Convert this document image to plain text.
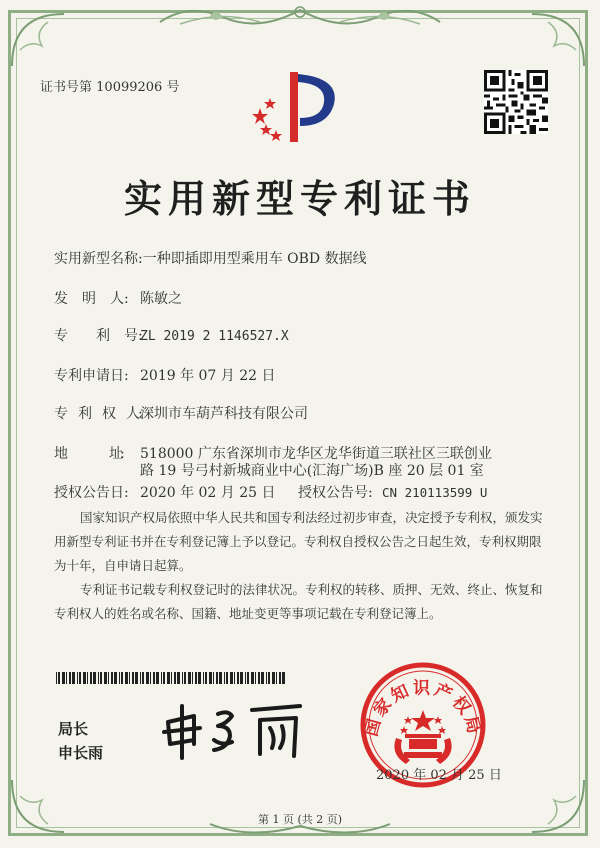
证书号第 10099206 号
实用新型专利证书
实用新型名称:一种即插即用型乘用车 OBD 数据线
发　明　人: 陈敏之
专　　利　号:ZL 2019 2 1146527.X
专利申请日: 2019 年 07 月 22 日
专　利　权　人:深圳市车葫芦科技有限公司
地　　　　址: 518000 广东省深圳市龙华区龙华街道三联社区三联创业
路 19 号弓村新城商业中心(汇海广场)B 座 20 层 01 室
授权公告日: 2020 年 02 月 25 日 授权公告号: CN 210113599 U
国家知识产权局依照中华人民共和国专利法经过初步审查，决定授予专利权，颁发实用新型专利证书并在专利登记簿上予以登记。专利权自授权公告之日起生效，专利权期限为十年，自申请日起算。
专利证书记载专利权登记时的法律状况。专利权的转移、质押、无效、终止、恢复和专利权人的姓名或名称、国籍、地址变更等事项记载在专利登记簿上。
局长
申长雨
国家知识产权局
2020 年 02 月 25 日
第 1 页 (共 2 页)
